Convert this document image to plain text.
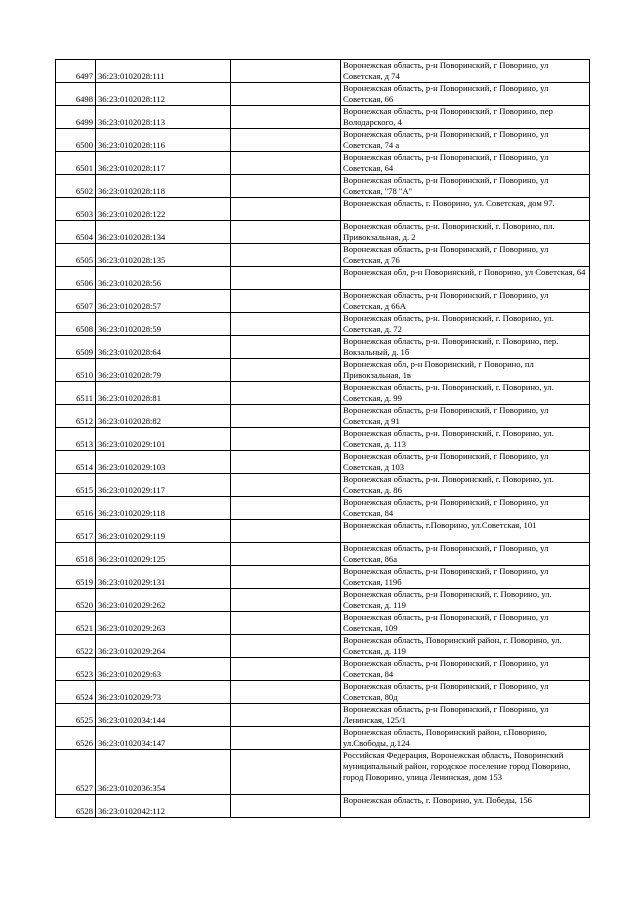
6497	36:23:0102028:111		Воронежская область, р-н Поворинский, г Поворино, ул Советская, д 74
6498	36:23:0102028:112		Воронежская область, р-н Поворинский, г Поворино, ул Советская, 66
6499	36:23:0102028:113		Воронежская область, р-н Поворинский, г Поворино, пер Володарского, 4
6500	36:23:0102028:116		Воронежская область, р-н Поворинский, г Поворино, ул Советская, 74 а
6501	36:23:0102028:117		Воронежская область, р-н Поворинский, г Поворино, ул Советская, 64
6502	36:23:0102028:118		Воронежская область, р-н Поворинский, г Поворино, ул Советская, "78 "А"
6503	36:23:0102028:122		Воронежская область, г. Поворино, ул. Советская, дом 97.
6504	36:23:0102028:134		Воронежская область, р-н. Поворинский, г. Поворино, пл. Привокзальная, д. 2
6505	36:23:0102028:135		Воронежская область, р-н Поворинский, г Поворино, ул Советская, д 76
6506	36:23:0102028:56		Воронежская обл, р-н Поворинский, г Поворино, ул Советская, 64
6507	36:23:0102028:57		Воронежская область, р-н Поворинский, г Поворино, ул Советская, д 66А
6508	36:23:0102028:59		Воронежская область, р-н. Поворинский, г. Поворино, ул. Советская, д. 72
6509	36:23:0102028:64		Воронежская область, р-н. Поворинский, г. Поворино, пер. Вокзальный, д. 1б
6510	36:23:0102028:79		Воронежская обл, р-н Поворинский, г Поворино, пл Привокзальная, 1в
6511	36:23:0102028:81		Воронежская область, р-н. Поворинский, г. Поворино, ул. Советская, д. 99
6512	36:23:0102028:82		Воронежская область, р-н Поворинский, г Поворино, ул Советская, д 91
6513	36:23:0102029:101		Воронежская область, р-н. Поворинский, г. Поворино, ул. Советская, д. 113
6514	36:23:0102029:103		Воронежская область, р-н Поворинский, г Поворино, ул Советская, д 103
6515	36:23:0102029:117		Воронежская область, р-н. Поворинский, г. Поворино, ул. Советская, д. 86
6516	36:23:0102029:118		Воронежская область, р-н Поворинский, г Поворино, ул Советская, 84
6517	36:23:0102029:119		Воронежская область, г.Поворино, ул.Советская, 101
6518	36:23:0102029:125		Воронежская область, р-н Поворинский, г Поворино, ул Советская, 86а
6519	36:23:0102029:131		Воронежская область, р-н Поворинский, г Поворино, ул Советская, 119б
6520	36:23:0102029:262		Воронежская область, р-н Поворинский, г. Поворино, ул. Советская, д. 119
6521	36:23:0102029:263		Воронежская область, р-н Поворинский, г Поворино, ул Советская, 109
6522	36:23:0102029:264		Воронежская область, Поворинский район, г. Поворино, ул. Советская, д. 119
6523	36:23:0102029:63		Воронежская область, р-н Поворинский, г Поворино, ул Советская, 84
6524	36:23:0102029:73		Воронежская область, р-н Поворинский, г Поворино, ул Советская, 80д
6525	36:23:0102034:144		Воронежская область, р-н Поворинский, г Поворино, ул Ленинская, 125/1
6526	36:23:0102034:147		Воронежская область, Поворинский район, г.Поворино, ул.Свободы, д.124
6527	36:23:0102036:354		Российская Федерация, Воронежская область, Поворинский муниципальный район, городское поселение город Поворино, город Поворино, улица Ленинская, дом 153
6528	36:23:0102042:112		Воронежская область, г. Поворино, ул. Победы, 156
